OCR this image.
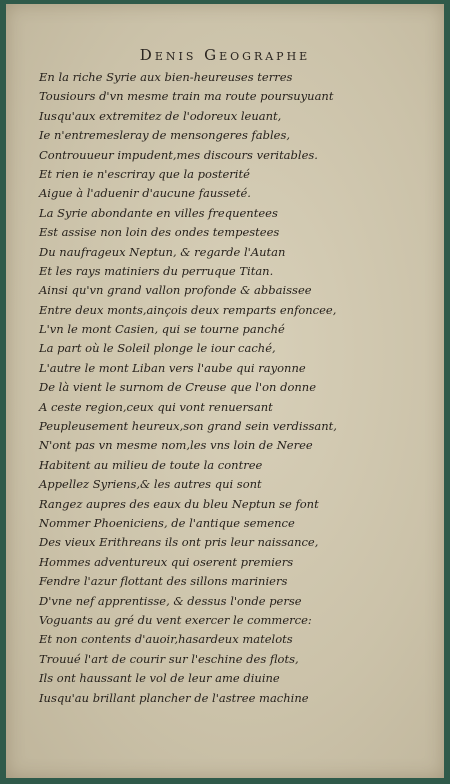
Denis Geographe
En la riche Syrie aux bien-heureuses terres
Tousiours d'vn mesme train ma route poursuyuant
Iusqu'aux extremitez de l'odoreux leuant,
Ie n'entremesleray de mensongeres fables,
Controuueur impudent,mes discours veritables.
Et rien ie n'escriray que la posterité
Aigue à l'aduenir d'aucune fausseté.
La Syrie abondante en villes frequentees
Est assise non loin des ondes tempestees
Du naufrageux Neptun, & regarde l'Autan
Et les rays matiniers du perruque Titan.
Ainsi qu'vn grand vallon profonde & abbaissee
Entre deux monts,ainçois deux remparts enfoncee,
L'vn le mont Casien, qui se tourne panché
La part où le Soleil plonge le iour caché,
L'autre le mont Liban vers l'aube qui rayonne
De là vient le surnom de Creuse que l'on donne
A ceste region,ceux qui vont renuersant
Peupleusement heureux,son grand sein verdissant,
N'ont pas vn mesme nom,les vns loin de Neree
Habitent au milieu de toute la contree
Appellez Syriens,& les autres qui sont
Rangez aupres des eaux du bleu Neptun se font
Nommer Phoeniciens, de l'antique semence
Des vieux Erithreans ils ont pris leur naissance,
Hommes adventureux qui oserent premiers
Fendre l'azur flottant des sillons mariniers
D'vne nef apprentisse, & dessus l'onde perse
Voguants au gré du vent exercer le commerce:
Et non contents d'auoir,hasardeux matelots
Trouué l'art de courir sur l'eschine des flots,
Ils ont haussant le vol de leur ame diuine
Iusqu'au brillant plancher de l'astree machine
